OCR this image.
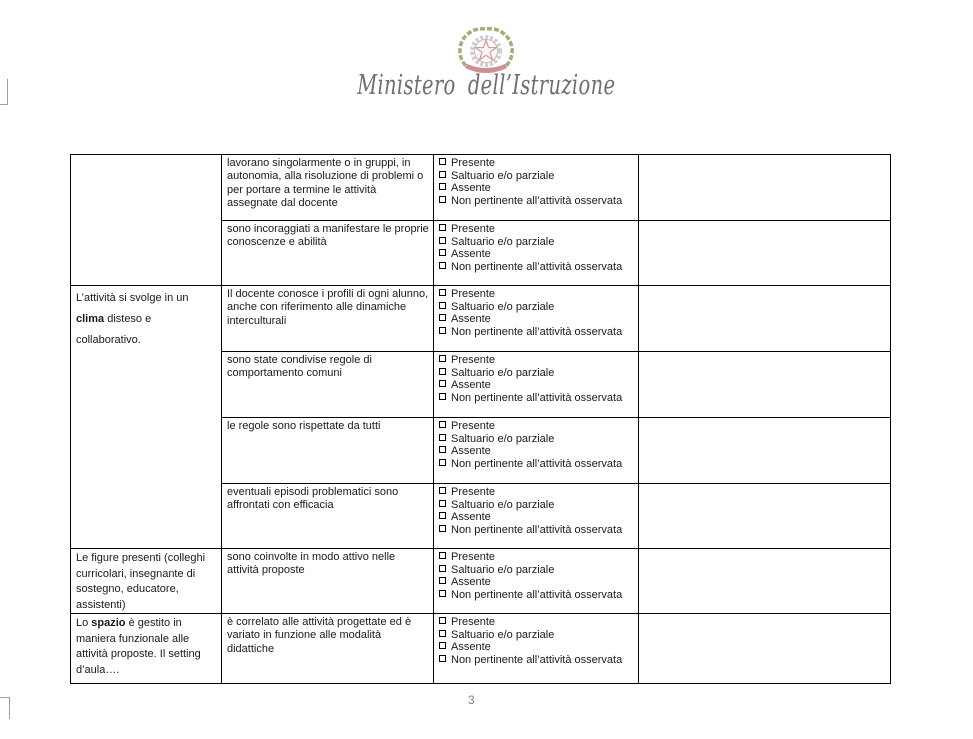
Ministero dell’Istruzione
	lavorano singolarmente o in gruppi, in autonomia, alla risoluzione di problemi o per portare a termine le attività assegnate dal docente	Presente
Saltuario e/o parziale
Assente
Non pertinente all’attività osservata	

	sono incoraggiati a manifestare le proprie conoscenze e abilità	Presente
Saltuario e/o parziale
Assente
Non pertinente all’attività osservata	

L’attività si svolge in un clima disteso e collaborativo.	Il docente conosce i profili di ogni alunno, anche con riferimento alle dinamiche interculturali	Presente
Saltuario e/o parziale
Assente
Non pertinente all’attività osservata	

	sono state condivise regole di comportamento comuni	Presente
Saltuario e/o parziale
Assente
Non pertinente all’attività osservata	

	le regole sono rispettate da tutti	Presente
Saltuario e/o parziale
Assente
Non pertinente all’attività osservata	

	eventuali episodi problematici sono affrontati con efficacia	Presente
Saltuario e/o parziale
Assente
Non pertinente all’attività osservata	

Le figure presenti (colleghi curricolari, insegnante di sostegno, educatore, assistenti)	sono coinvolte in modo attivo nelle attività proposte	Presente
Saltuario e/o parziale
Assente
Non pertinente all’attività osservata	

Lo spazio è gestito in maniera funzionale alle attività proposte. Il setting d’aula….	è correlato alle attività progettate ed è variato in funzione alle modalità didattiche	Presente
Saltuario e/o parziale
Assente
Non pertinente all’attività osservata	

3
